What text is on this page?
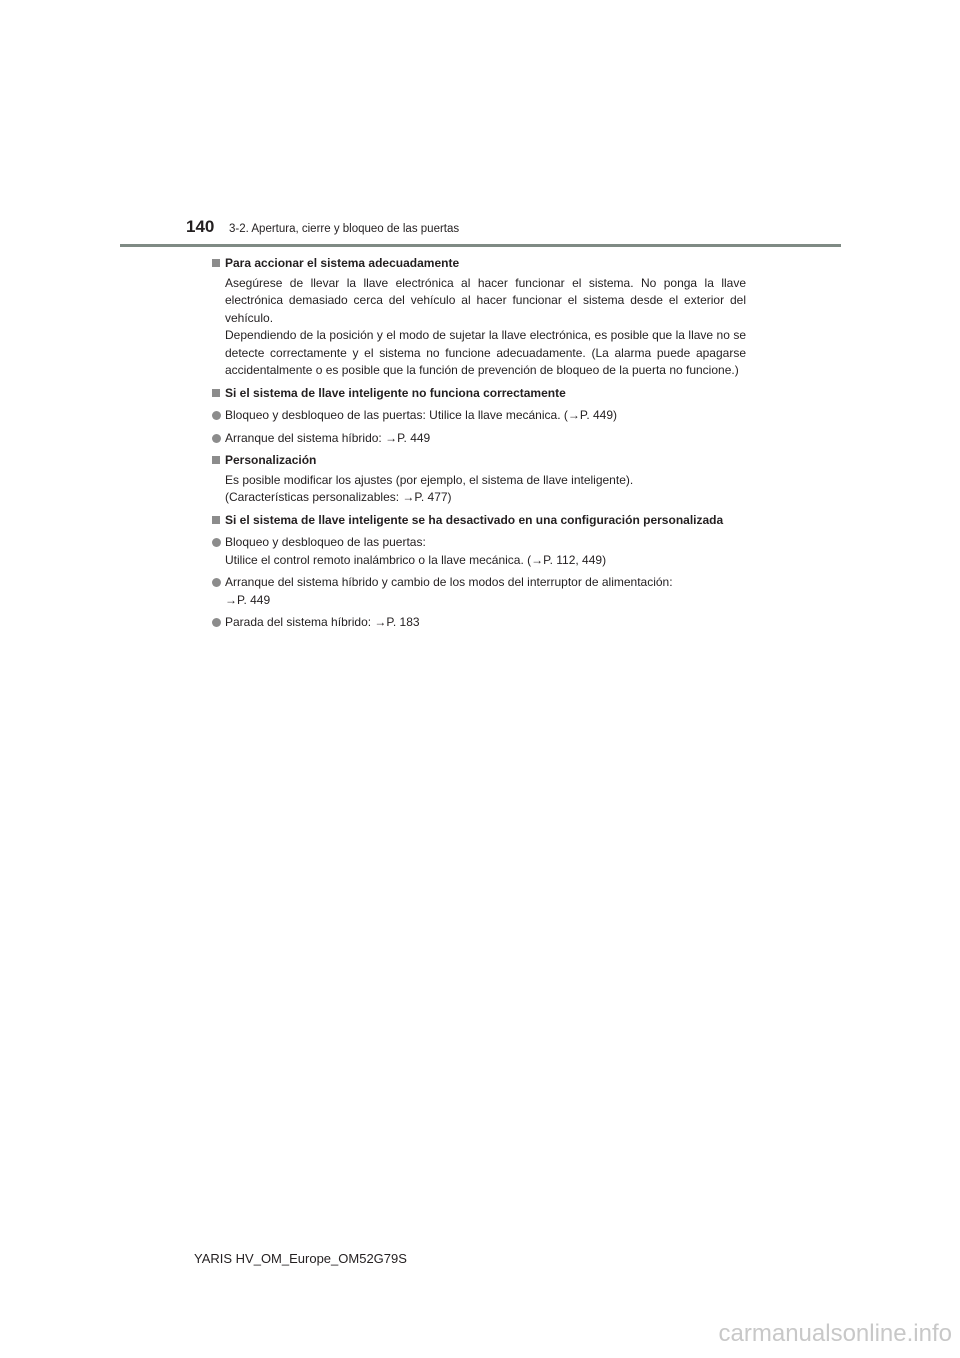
140 3-2. Apertura, cierre y bloqueo de las puertas
Para accionar el sistema adecuadamente

Asegúrese de llevar la llave electrónica al hacer funcionar el sistema. No ponga la llave electrónica demasiado cerca del vehículo al hacer funcionar el sistema desde el exterior del vehículo.

Dependiendo de la posición y el modo de sujetar la llave electrónica, es posible que la llave no se detecte correctamente y el sistema no funcione adecuadamente. (La alarma puede apagarse accidentalmente o es posible que la función de prevención de bloqueo de la puerta no funcione.)

Si el sistema de llave inteligente no funciona correctamente
Bloqueo y desbloqueo de las puertas: Utilice la llave mecánica. (→P. 449)
Arranque del sistema híbrido: →P. 449
Personalización

Es posible modificar los ajustes (por ejemplo, el sistema de llave inteligente).

(Características personalizables: →P. 477)

Si el sistema de llave inteligente se ha desactivado en una configuración personalizada
Bloqueo y desbloqueo de las puertas:
Utilice el control remoto inalámbrico o la llave mecánica. (→P. 112, 449)
Arranque del sistema híbrido y cambio de los modos del interruptor de alimentación:
→P. 449
Parada del sistema híbrido: →P. 183
YARIS HV_OM_Europe_OM52G79S
carmanualsonline.info
